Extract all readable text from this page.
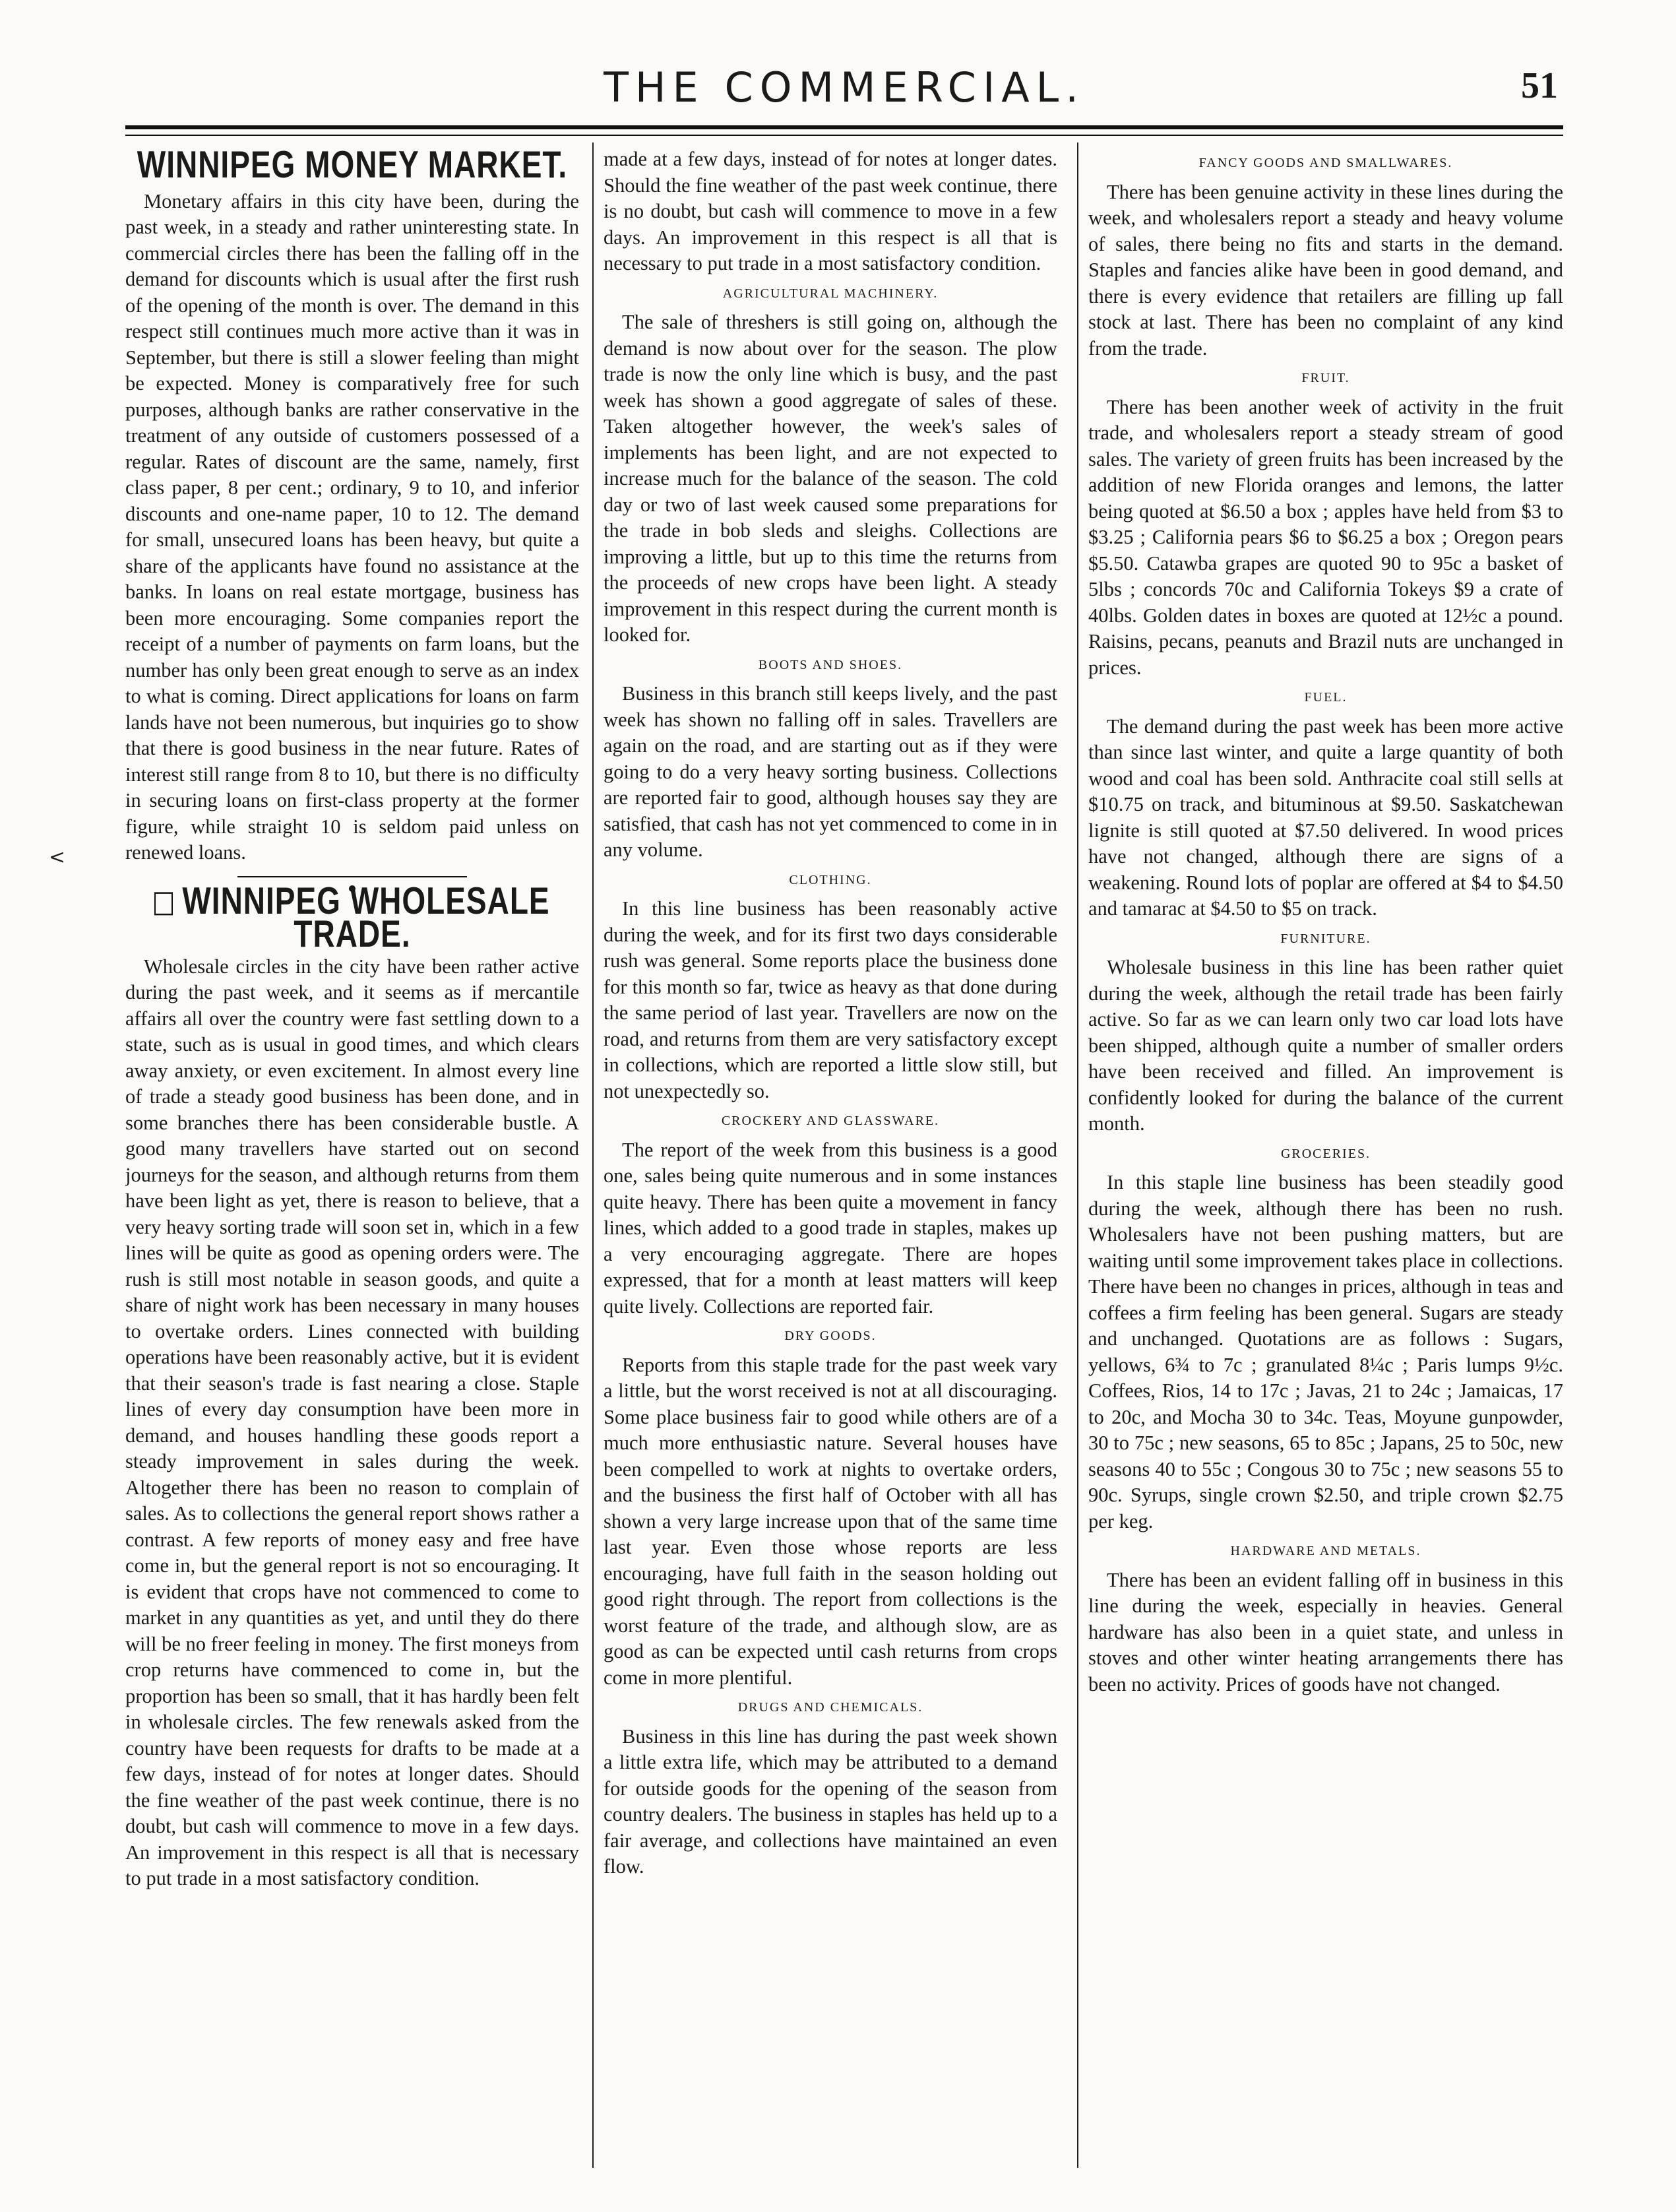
THE COMMERCIAL.	51
<
WINNIPEG MONEY MARKET.

Monetary affairs in this city have been, during the past week, in a steady and rather uninteresting state. In commercial circles there has been the falling off in the demand for discounts which is usual after the first rush of the opening of the month is over. The demand in this respect still continues much more active than it was in September, but there is still a slower feeling than might be expected. Money is comparatively free for such purposes, although banks are rather conservative in the treatment of any outside of customers possessed of a regular. Rates of discount are the same, namely, first class paper, 8 per cent.; ordinary, 9 to 10, and inferior discounts and one-name paper, 10 to 12. The demand for small, unsecured loans has been heavy, but quite a share of the applicants have found no assistance at the banks. In loans on real estate mortgage, business has been more encouraging. Some companies report the receipt of a number of payments on farm loans, but the number has only been great enough to serve as an index to what is coming. Direct applications for loans on farm lands have not been numerous, but inquiries go to show that there is good business in the near future. Rates of interest still range from 8 to 10, but there is no difficulty in securing loans on first-class property at the former figure, while straight 10 is seldom paid unless on renewed loans.

WINNIPEG WHOLESALE TRADE.

Wholesale circles in the city have been rather active during the past week, and it seems as if mercantile affairs all over the country were fast settling down to a state, such as is usual in good times, and which clears away anxiety, or even excitement. In almost every line of trade a steady good business has been done, and in some branches there has been considerable bustle. A good many travellers have started out on second journeys for the season, and although returns from them have been light as yet, there is reason to believe, that a very heavy sorting trade will soon set in, which in a few lines will be quite as good as opening orders were. The rush is still most notable in season goods, and quite a share of night work has been necessary in many houses to overtake orders. Lines connected with building operations have been reasonably active, but it is evident that their season's trade is fast nearing a close. Staple lines of every day consumption have been more in demand, and houses handling these goods report a steady improvement in sales during the week. Altogether there has been no reason to complain of sales. As to collections the general report shows rather a contrast. A few reports of money easy and free have come in, but the general report is not so encouraging. It is evident that crops have not commenced to come to market in any quantities as yet, and until they do there will be no freer feeling in money. The first moneys from crop returns have commenced to come in, but the proportion has been so small, that it has hardly been felt in wholesale circles. The few renewals asked from the country have been requests for drafts to be made at a few days, instead of for notes at longer dates. Should the fine weather of the past week continue, there is no doubt, but cash will commence to move in a few days. An improvement in this respect is all that is necessary to put trade in a most satisfactory condition.

made at a few days, instead of for notes at longer dates. Should the fine weather of the past week continue, there is no doubt, but cash will commence to move in a few days. An improvement in this respect is all that is necessary to put trade in a most satisfactory condition.

AGRICULTURAL MACHINERY.

The sale of threshers is still going on, although the demand is now about over for the season. The plow trade is now the only line which is busy, and the past week has shown a good aggregate of sales of these. Taken altogether however, the week's sales of implements has been light, and are not expected to increase much for the balance of the season. The cold day or two of last week caused some preparations for the trade in bob sleds and sleighs. Collections are improving a little, but up to this time the returns from the proceeds of new crops have been light. A steady improvement in this respect during the current month is looked for.

BOOTS AND SHOES.

Business in this branch still keeps lively, and the past week has shown no falling off in sales. Travellers are again on the road, and are starting out as if they were going to do a very heavy sorting business. Collections are reported fair to good, although houses say they are satisfied, that cash has not yet commenced to come in in any volume.

CLOTHING.

In this line business has been reasonably active during the week, and for its first two days considerable rush was general. Some reports place the business done for this month so far, twice as heavy as that done during the same period of last year. Travellers are now on the road, and returns from them are very satisfactory except in collections, which are reported a little slow still, but not unexpectedly so.

CROCKERY AND GLASSWARE.

The report of the week from this business is a good one, sales being quite numerous and in some instances quite heavy. There has been quite a movement in fancy lines, which added to a good trade in staples, makes up a very encouraging aggregate. There are hopes expressed, that for a month at least matters will keep quite lively. Collections are reported fair.

DRY GOODS.

Reports from this staple trade for the past week vary a little, but the worst received is not at all discouraging. Some place business fair to good while others are of a much more enthusiastic nature. Several houses have been compelled to work at nights to overtake orders, and the business the first half of October with all has shown a very large increase upon that of the same time last year. Even those whose reports are less encouraging, have full faith in the season holding out good right through. The report from collections is the worst feature of the trade, and although slow, are as good as can be expected until cash returns from crops come in more plentiful.

DRUGS AND CHEMICALS.

Business in this line has during the past week shown a little extra life, which may be attributed to a demand for outside goods for the opening of the season from country dealers. The business in staples has held up to a fair average, and collections have maintained an even flow.

FANCY GOODS AND SMALLWARES.

There has been genuine activity in these lines during the week, and wholesalers report a steady and heavy volume of sales, there being no fits and starts in the demand. Staples and fancies alike have been in good demand, and there is every evidence that retailers are filling up fall stock at last. There has been no complaint of any kind from the trade.

FRUIT.

There has been another week of activity in the fruit trade, and wholesalers report a steady stream of good sales. The variety of green fruits has been increased by the addition of new Florida oranges and lemons, the latter being quoted at $6.50 a box ; apples have held from $3 to $3.25 ; California pears $6 to $6.25 a box ; Oregon pears $5.50. Catawba grapes are quoted 90 to 95c a basket of 5lbs ; concords 70c and California Tokeys $9 a crate of 40lbs. Golden dates in boxes are quoted at 12½c a pound. Raisins, pecans, peanuts and Brazil nuts are unchanged in prices.

FUEL.

The demand during the past week has been more active than since last winter, and quite a large quantity of both wood and coal has been sold. Anthracite coal still sells at $10.75 on track, and bituminous at $9.50. Saskatchewan lignite is still quoted at $7.50 delivered. In wood prices have not changed, although there are signs of a weakening. Round lots of poplar are offered at $4 to $4.50 and tamarac at $4.50 to $5 on track.

FURNITURE.

Wholesale business in this line has been rather quiet during the week, although the retail trade has been fairly active. So far as we can learn only two car load lots have been shipped, although quite a number of smaller orders have been received and filled. An improvement is confidently looked for during the balance of the current month.

GROCERIES.

In this staple line business has been steadily good during the week, although there has been no rush. Wholesalers have not been pushing matters, but are waiting until some improvement takes place in collections. There have been no changes in prices, although in teas and coffees a firm feeling has been general. Sugars are steady and unchanged. Quotations are as follows : Sugars, yellows, 6¾ to 7c ; granulated 8¼c ; Paris lumps 9½c. Coffees, Rios, 14 to 17c ; Javas, 21 to 24c ; Jamaicas, 17 to 20c, and Mocha 30 to 34c. Teas, Moyune gunpowder, 30 to 75c ; new seasons, 65 to 85c ; Japans, 25 to 50c, new seasons 40 to 55c ; Congous 30 to 75c ; new seasons 55 to 90c. Syrups, single crown $2.50, and triple crown $2.75 per keg.

HARDWARE AND METALS.

There has been an evident falling off in business in this line during the week, especially in heavies. General hardware has also been in a quiet state, and unless in stoves and other winter heating arrangements there has been no activity. Prices of goods have not changed.
